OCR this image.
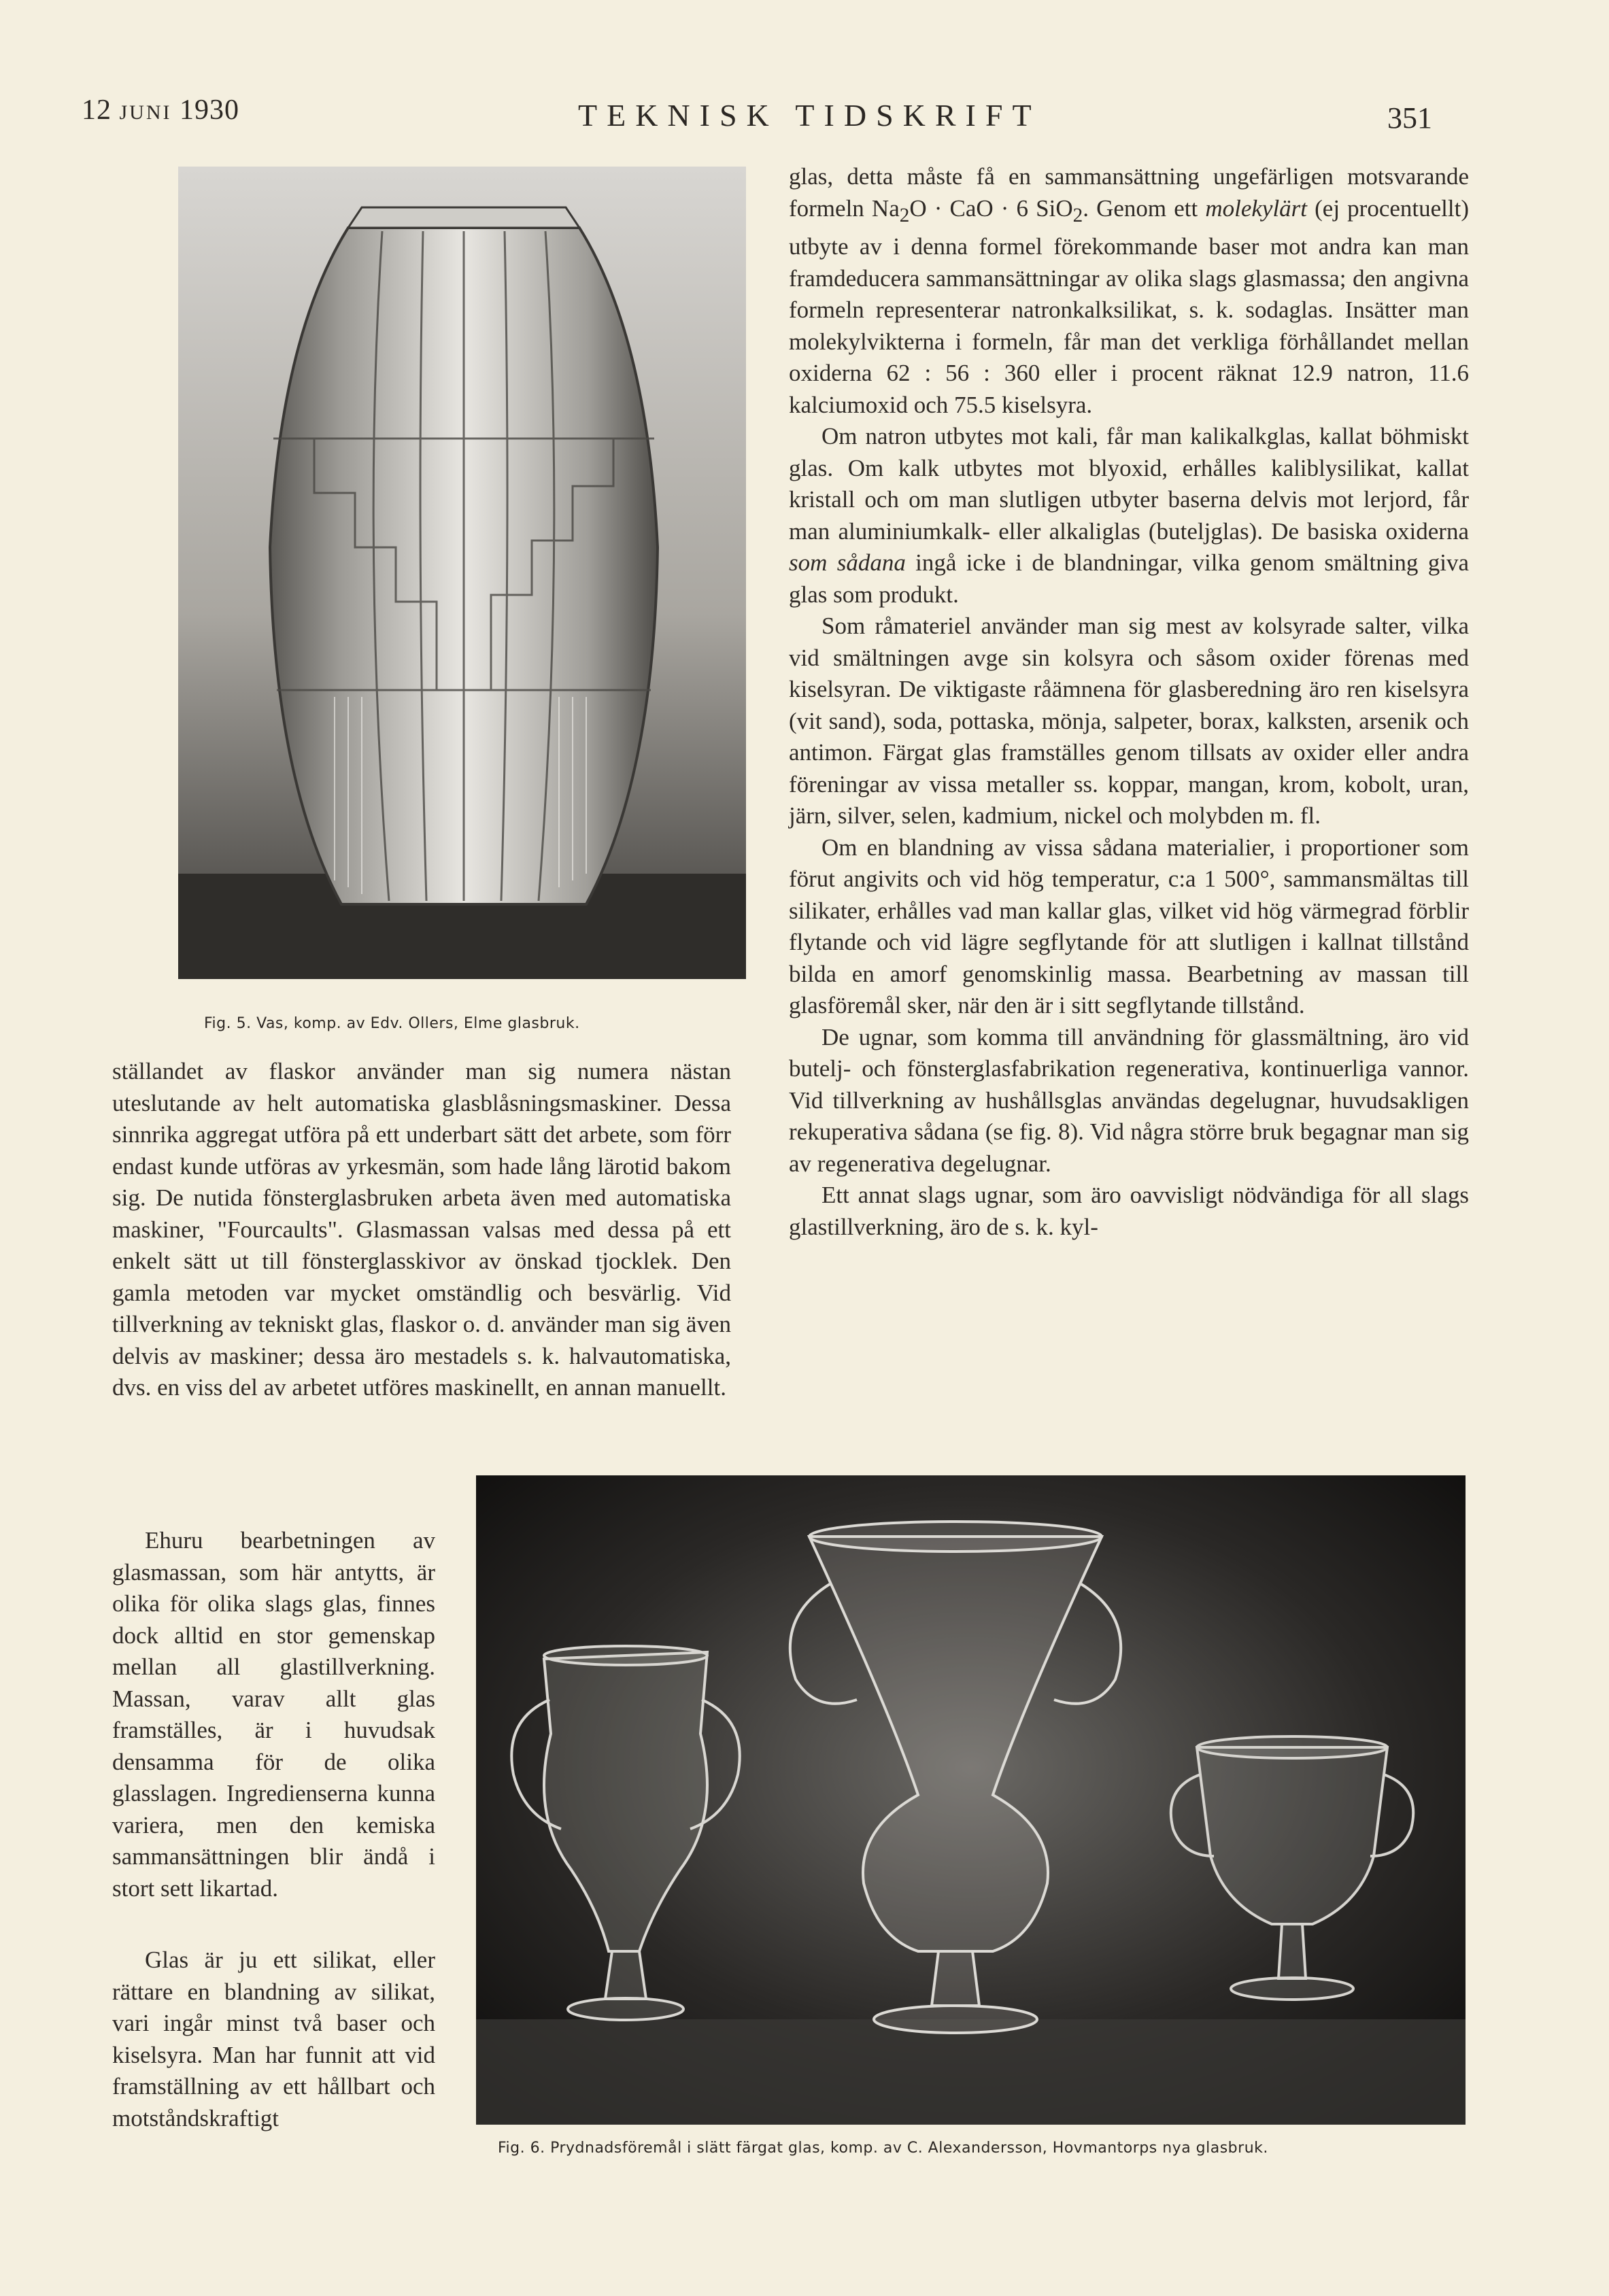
12 JUNI 1930	TEKNISK TIDSKRIFT	351
Fig. 5. Vas, komp. av Edv. Ollers, Elme glasbruk.

ställandet av flaskor använder man sig numera nästan uteslutande av helt automatiska glasblåsningsmaskiner. Dessa sinnrika aggregat utföra på ett underbart sätt det arbete, som förr endast kunde utföras av yrkesmän, som hade lång lärotid bakom sig. De nutida fönsterglasbruken arbeta även med automatiska maskiner, "Fourcaults". Glasmassan valsas med dessa på ett enkelt sätt ut till fönsterglasskivor av önskad tjocklek. Den gamla metoden var mycket omständlig och besvärlig. Vid tillverkning av tekniskt glas, flaskor o. d. använder man sig även delvis av maskiner; dessa äro mestadels s. k. halvautomatiska, dvs. en viss del av arbetet utföres maskinellt, en annan manuellt.

Ehuru bearbetningen av glasmassan, som här antytts, är olika för olika slags glas, finnes dock alltid en stor gemenskap mellan all glastillverkning. Massan, varav allt glas framställes, är i huvudsak densamma för de olika glasslagen. Ingredienserna kunna variera, men den kemiska sammansättningen blir ändå i stort sett likartad.

Glas är ju ett silikat, eller rättare en blandning av silikat, vari ingår minst två baser och kiselsyra. Man har funnit att vid framställning av ett hållbart och motståndskraftigt

glas, detta måste få en sammansättning ungefärligen motsvarande formeln $Na_2O$ · CaO · 6 SiO$_2$. Genom ett molekylärt (ej procentuellt) utbyte av i denna formel förekommande baser mot andra kan man framdeducera sammansättningar av olika slags glasmassa; den angivna formeln representerar natronkalksilikat, s. k. sodaglas. Insätter man molekylvikterna i formeln, får man det verkliga förhållandet mellan oxiderna 62 : 56 : 360 eller i procent räknat 12.9 natron, 11.6 kalciumoxid och 75.5 kiselsyra.

Om natron utbytes mot kali, får man kalikalkglas, kallat böhmiskt glas. Om kalk utbytes mot blyoxid, erhålles kaliblysilikat, kallat kristall och om man slutligen utbyter baserna delvis mot lerjord, får man aluminiumkalk- eller alkaliglas (buteljglas). De basiska oxiderna som sådana ingå icke i de blandningar, vilka genom smältning giva glas som produkt.

Som råmateriel använder man sig mest av kolsyrade salter, vilka vid smältningen avge sin kolsyra och såsom oxider förenas med kiselsyran. De viktigaste råämnena för glasberedning äro ren kiselsyra (vit sand), soda, pottaska, mönja, salpeter, borax, kalksten, arsenik och antimon. Färgat glas framställes genom tillsats av oxider eller andra föreningar av vissa metaller ss. koppar, mangan, krom, kobolt, uran, järn, silver, selen, kadmium, nickel och molybden m. fl.

Om en blandning av vissa sådana materialier, i proportioner som förut angivits och vid hög temperatur, c:a 1 500°, sammansmältas till silikater, erhålles vad man kallar glas, vilket vid hög värmegrad förblir flytande och vid lägre segflytande för att slutligen i kallnat tillstånd bilda en amorf genomskinlig massa. Bearbetning av massan till glasföremål sker, när den är i sitt segflytande tillstånd.

De ugnar, som komma till användning för glassmältning, äro vid butelj- och fönsterglasfabrikation regenerativa, kontinuerliga vannor. Vid tillverkning av hushållsglas användas degelugnar, huvudsakligen rekuperativa sådana (se fig. 8). Vid några större bruk begagnar man sig av regenerativa degelugnar.

Ett annat slags ugnar, som äro oavvisligt nödvändiga för all slags glastillverkning, äro de s. k. kyl-

Fig. 6. Prydnadsföremål i slätt färgat glas, komp. av C. Alexandersson, Hovmantorps nya glasbruk.
